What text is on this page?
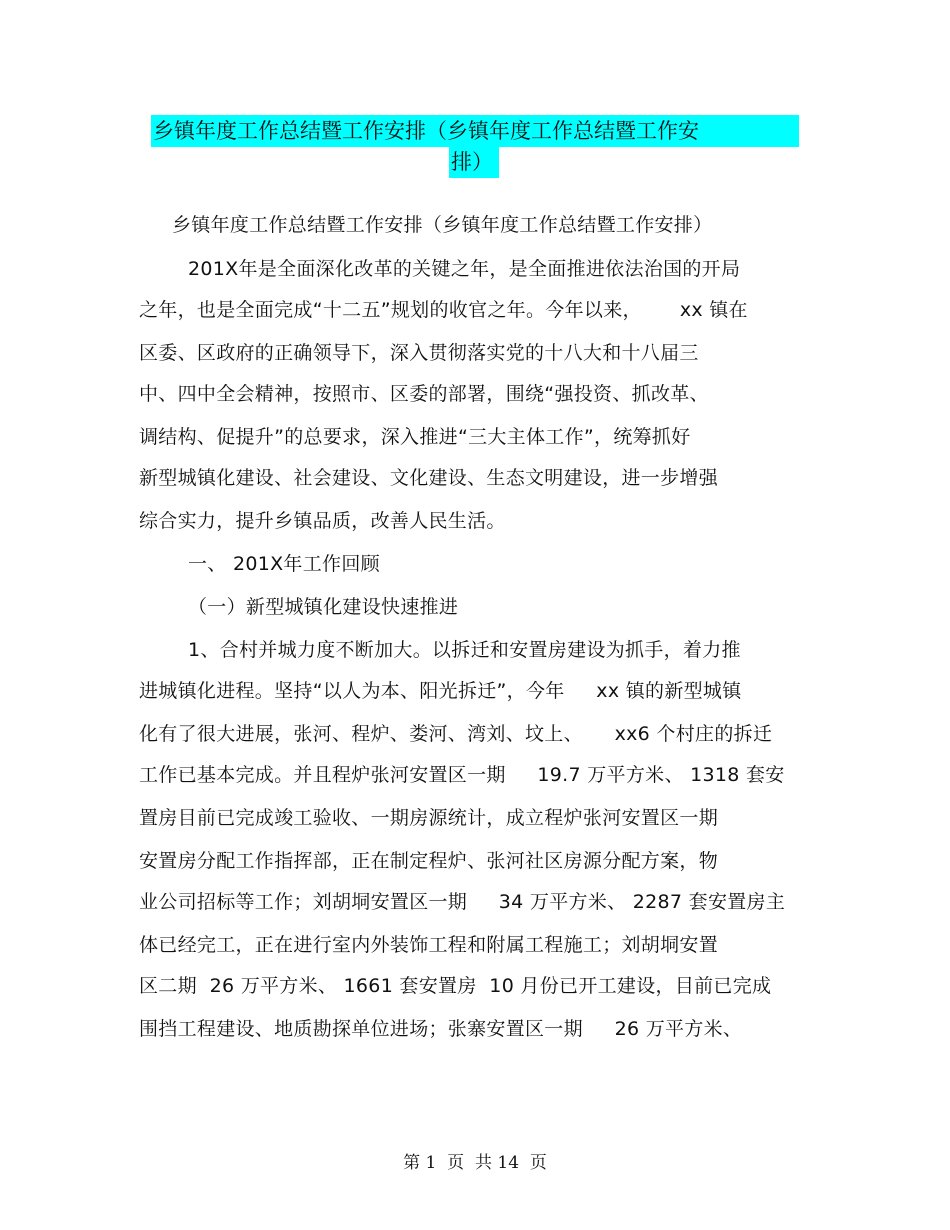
乡镇年度工作总结暨工作安排（乡镇年度工作总结暨工作安
排）
乡镇年度工作总结暨工作安排（乡镇年度工作总结暨工作安排）
201X年是全面深化改革的关键之年，是全面推进依法治国的开局
之年，也是全面完成“十二五”规划的收官之年。今年以来，      xx 镇在
区委、区政府的正确领导下，深入贯彻落实党的十八大和十八届三
中、四中全会精神，按照市、区委的部署，围绕“强投资、抓改革、
调结构、促提升”的总要求，深入推进“三大主体工作”，统筹抓好
新型城镇化建设、社会建设、文化建设、生态文明建设，进一步增强
综合实力，提升乡镇品质，改善人民生活。
一、 201X年工作回顾
（一）新型城镇化建设快速推进
1、合村并城力度不断加大。以拆迁和安置房建设为抓手，着力推
进城镇化进程。坚持“以人为本、阳光拆迁”，今年     xx 镇的新型城镇
化有了很大进展，张河、程炉、娄河、湾刘、坟上、     xx6 个村庄的拆迁
工作已基本完成。并且程炉张河安置区一期     19.7 万平方米、 1318 套安
置房目前已完成竣工验收、一期房源统计，成立程炉张河安置区一期
安置房分配工作指挥部，正在制定程炉、张河社区房源分配方案，物
业公司招标等工作；刘胡垌安置区一期     34 万平方米、 2287 套安置房主
体已经完工，正在进行室内外装饰工程和附属工程施工；刘胡垌安置
区二期  26 万平方米、 1661 套安置房  10 月份已开工建设，目前已完成
围挡工程建设、地质勘探单位进场；张寨安置区一期     26 万平方米、
第 1  页  共 14  页
